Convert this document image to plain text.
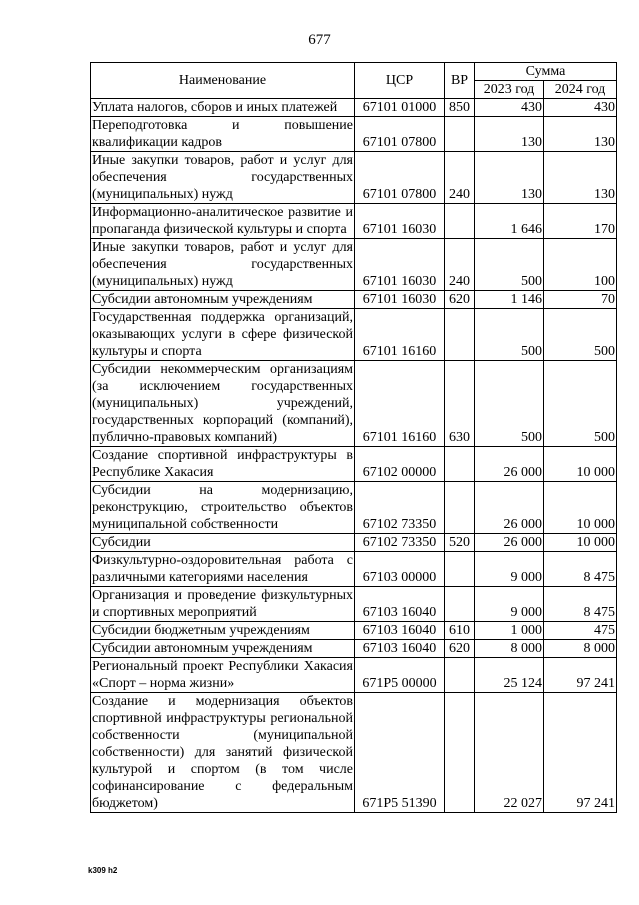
677
Наименование	ЦСР	ВР	Сумма	
			2023 год	2024 год
Уплата налогов, сборов и иных платежей	67101 01000	850	430	430
Переподготовка и повышение квалификации кадров	67101 07800		130	130
Иные закупки товаров, работ и услуг для обеспечения государственных (муниципальных) нужд	67101 07800	240	130	130
Информационно-аналитическое развитие и пропаганда физической культуры и спорта	67101 16030		1 646	170
Иные закупки товаров, работ и услуг для обеспечения государственных (муниципальных) нужд	67101 16030	240	500	100
Субсидии автономным учреждениям	67101 16030	620	1 146	70
Государственная поддержка организаций, оказывающих услуги в сфере физической культуры и спорта	67101 16160		500	500
Субсидии некоммерческим организациям (за исключением государственных (муниципальных) учреждений, государственных корпораций (компаний), публично-правовых компаний)	67101 16160	630	500	500
Создание спортивной инфраструктуры в Республике Хакасия	67102 00000		26 000	10 000
Субсидии на модернизацию, реконструкцию, строительство объектов муниципальной собственности	67102 73350		26 000	10 000
Субсидии	67102 73350	520	26 000	10 000
Физкультурно-оздоровительная работа с различными категориями населения	67103 00000		9 000	8 475
Организация и проведение физкультурных и спортивных мероприятий	67103 16040		9 000	8 475
Субсидии бюджетным учреждениям	67103 16040	610	1 000	475
Субсидии автономным учреждениям	67103 16040	620	8 000	8 000
Региональный проект Республики Хакасия «Спорт – норма жизни»	671P5 00000		25 124	97 241
Создание и модернизация объектов спортивной инфраструктуры региональной собственности (муниципальной собственности) для занятий физической культурой и спортом (в том числе софинансирование с федеральным бюджетом)	671P5 51390		22 027	97 241
k309 h2
